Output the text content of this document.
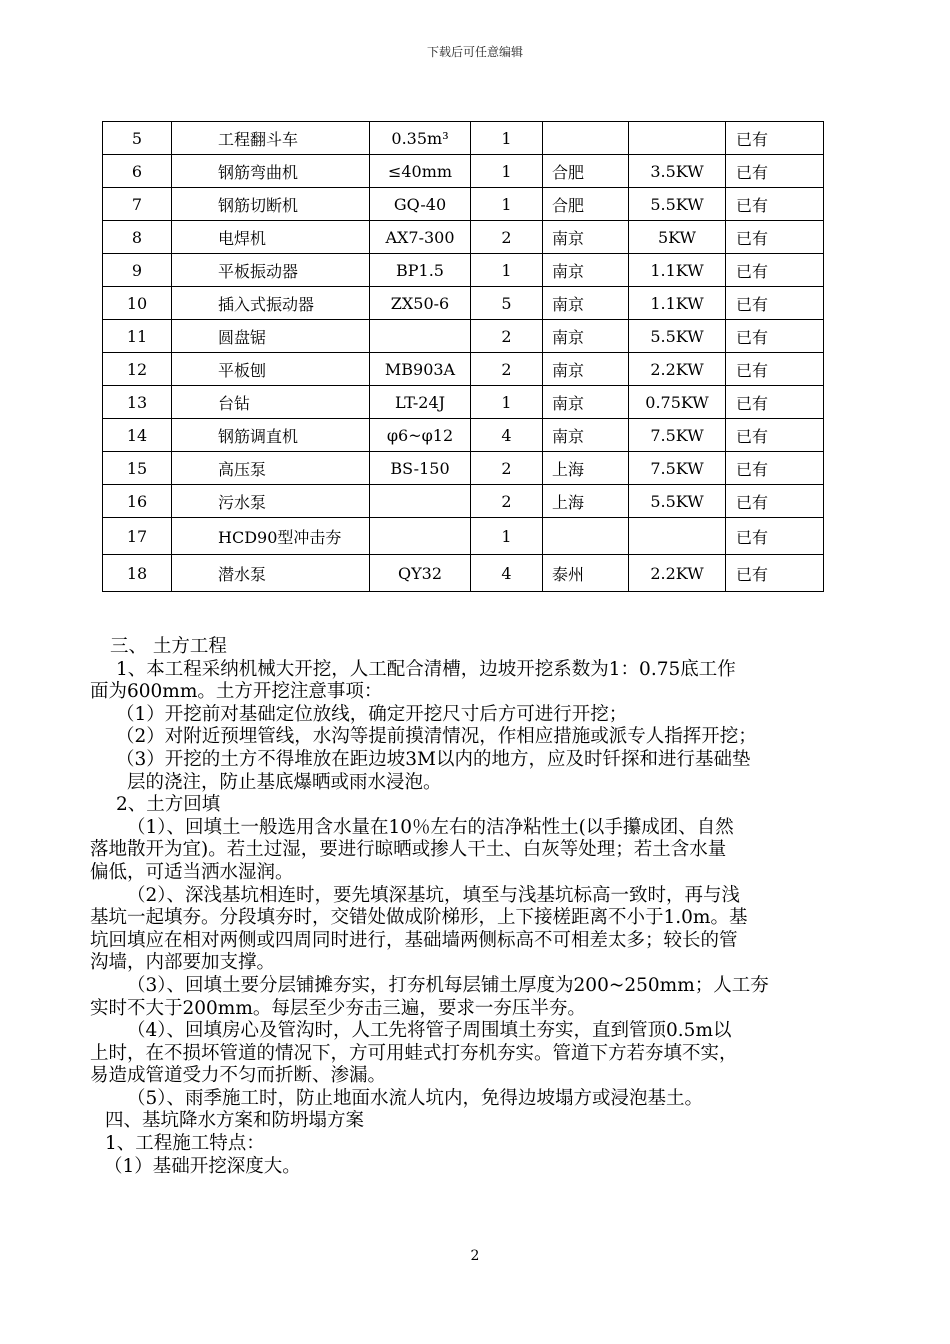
下载后可任意编辑
5	工程翻斗车	0.35m³	1			已有
6	钢筋弯曲机	≤40mm	1	合肥	3.5KW	已有
7	钢筋切断机	GQ-40	1	合肥	5.5KW	已有
8	电焊机	AX7-300	2	南京	5KW	已有
9	平板振动器	BP1.5	1	南京	1.1KW	已有
10	插入式振动器	ZX50-6	5	南京	1.1KW	已有
11	圆盘锯		2	南京	5.5KW	已有
12	平板刨	MB903A	2	南京	2.2KW	已有
13	台钻	LT-24J	1	南京	0.75KW	已有
14	钢筋调直机	φ6~φ12	4	南京	7.5KW	已有
15	高压泵	BS-150	2	上海	7.5KW	已有
16	污水泵		2	上海	5.5KW	已有
17	HCD90型冲击夯		1			已有
18	潜水泵	QY32	4	泰州	2.2KW	已有

三、 土方工程

1、本工程采纳机械大开挖，人工配合清槽，边坡开挖系数为1：0.75底工作

面为600mm。土方开挖注意事项：

（1）开挖前对基础定位放线，确定开挖尺寸后方可进行开挖；

（2）对附近预埋管线，水沟等提前摸清情况，作相应措施或派专人指挥开挖；

（3）开挖的土方不得堆放在距边坡3M以内的地方，应及时钎探和进行基础垫

层的浇注，防止基底爆晒或雨水浸泡。

2、土方回填

（1）、回填土一般选用含水量在10％左右的洁净粘性土(以手攥成团、自然

落地散开为宜)。若土过湿，要进行晾晒或掺人干土、白灰等处理；若土含水量

偏低，可适当洒水湿润。

（2）、深浅基坑相连时，要先填深基坑，填至与浅基坑标高一致时，再与浅

基坑一起填夯。分段填夯时，交错处做成阶梯形，上下接槎距离不小于1.0m。基

坑回填应在相对两侧或四周同时进行，基础墙两侧标高不可相差太多；较长的管

沟墙，内部要加支撑。

（3）、回填土要分层铺摊夯实，打夯机每层铺土厚度为200~250mm；人工夯

实时不大于200mm。每层至少夯击三遍，要求一夯压半夯。

（4）、回填房心及管沟时，人工先将管子周围填土夯实，直到管顶0.5m以

上时，在不损坏管道的情况下，方可用蛙式打夯机夯实。管道下方若夯填不实，

易造成管道受力不匀而折断、渗漏。

（5）、雨季施工时，防止地面水流人坑内，免得边坡塌方或浸泡基土。

四、基坑降水方案和防坍塌方案

1、工程施工特点：

（1）基础开挖深度大。

2
